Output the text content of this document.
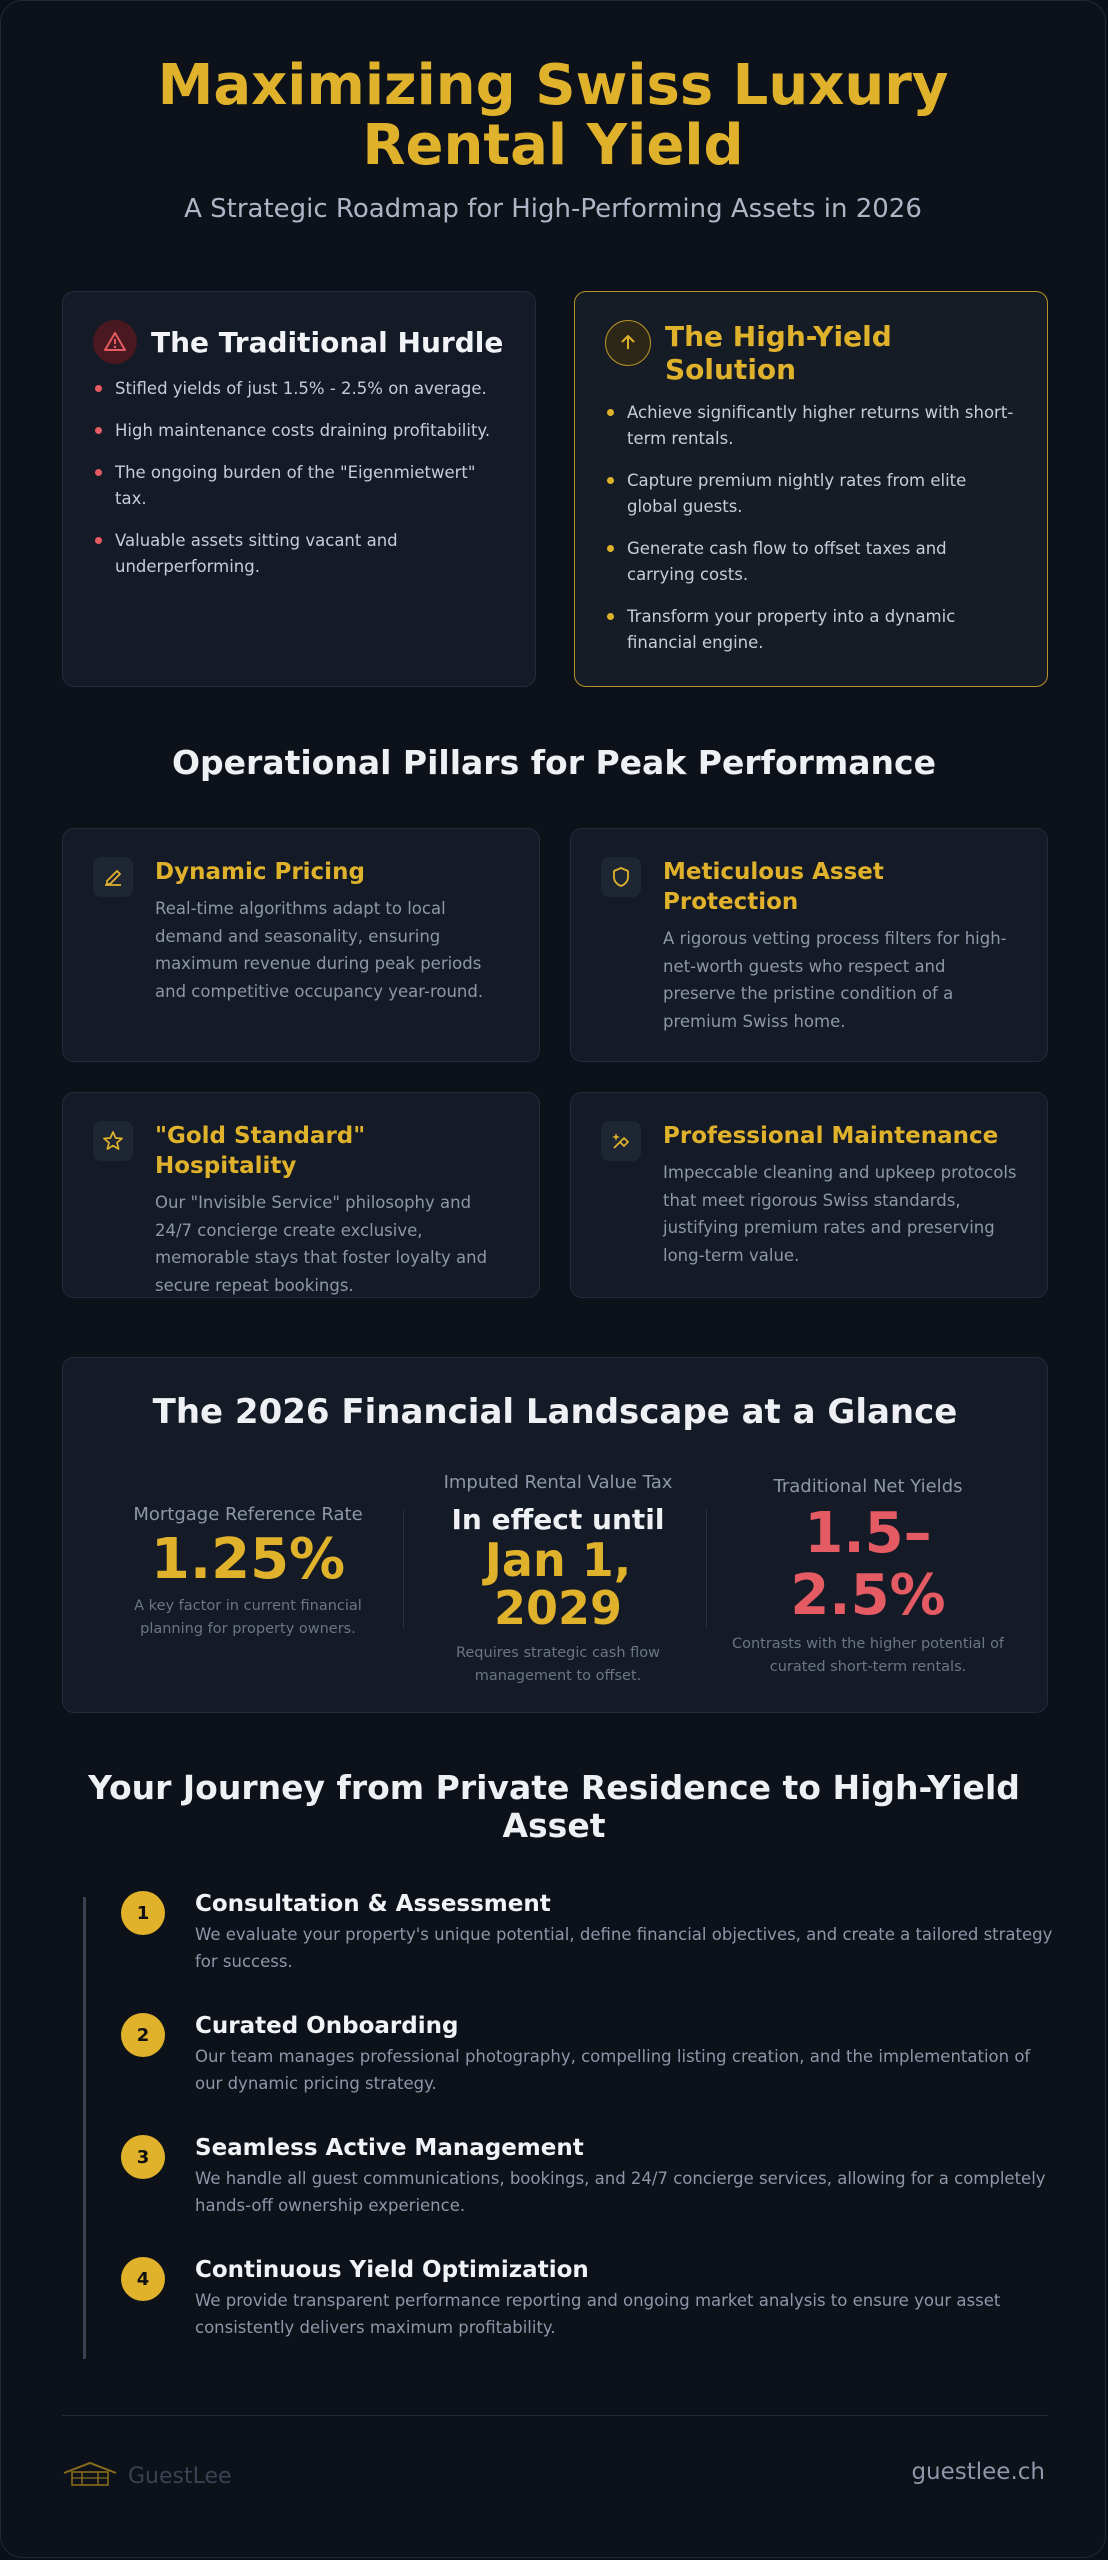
Maximizing Swiss Luxury Rental Yield
A Strategic Roadmap for High-Performing Assets in 2026
The Traditional Hurdle
Stifled yields of just 1.5% - 2.5% on average.
High maintenance costs draining profitability.
The ongoing burden of the "Eigenmietwert" tax.
Valuable assets sitting vacant and underperforming.
The High-Yield Solution
Achieve significantly higher returns with short-term rentals.
Capture premium nightly rates from elite global guests.
Generate cash flow to offset taxes and carrying costs.
Transform your property into a dynamic financial engine.
Operational Pillars for Peak Performance
Dynamic Pricing
Real-time algorithms adapt to local demand and seasonality, ensuring maximum revenue during peak periods and competitive occupancy year-round.
Meticulous Asset Protection
A rigorous vetting process filters for high-net-worth guests who respect and preserve the pristine condition of a premium Swiss home.
"Gold Standard" Hospitality
Our "Invisible Service" philosophy and 24/7 concierge create exclusive, memorable stays that foster loyalty and secure repeat bookings.
Professional Maintenance
Impeccable cleaning and upkeep protocols that meet rigorous Swiss standards, justifying premium rates and preserving long-term value.
The 2026 Financial Landscape at a Glance
Mortgage Reference Rate
1.25%
A key factor in current financial planning for property owners.
Imputed Rental Value Tax
In effect until
Jan 1, 2029
Requires strategic cash flow management to offset.
Traditional Net Yields
1.5–2.5%
Contrasts with the higher potential of curated short-term rentals.
Your Journey from Private Residence to High-Yield Asset
1	Consultation & Assessment
We evaluate your property's unique potential, define financial objectives, and create a tailored strategy for success.
2	Curated Onboarding
Our team manages professional photography, compelling listing creation, and the implementation of our dynamic pricing strategy.
3	Seamless Active Management
We handle all guest communications, bookings, and 24/7 concierge services, allowing for a completely hands-off ownership experience.
4	Continuous Yield Optimization
We provide transparent performance reporting and ongoing market analysis to ensure your asset consistently delivers maximum profitability.
GuestLee	guestlee.ch
